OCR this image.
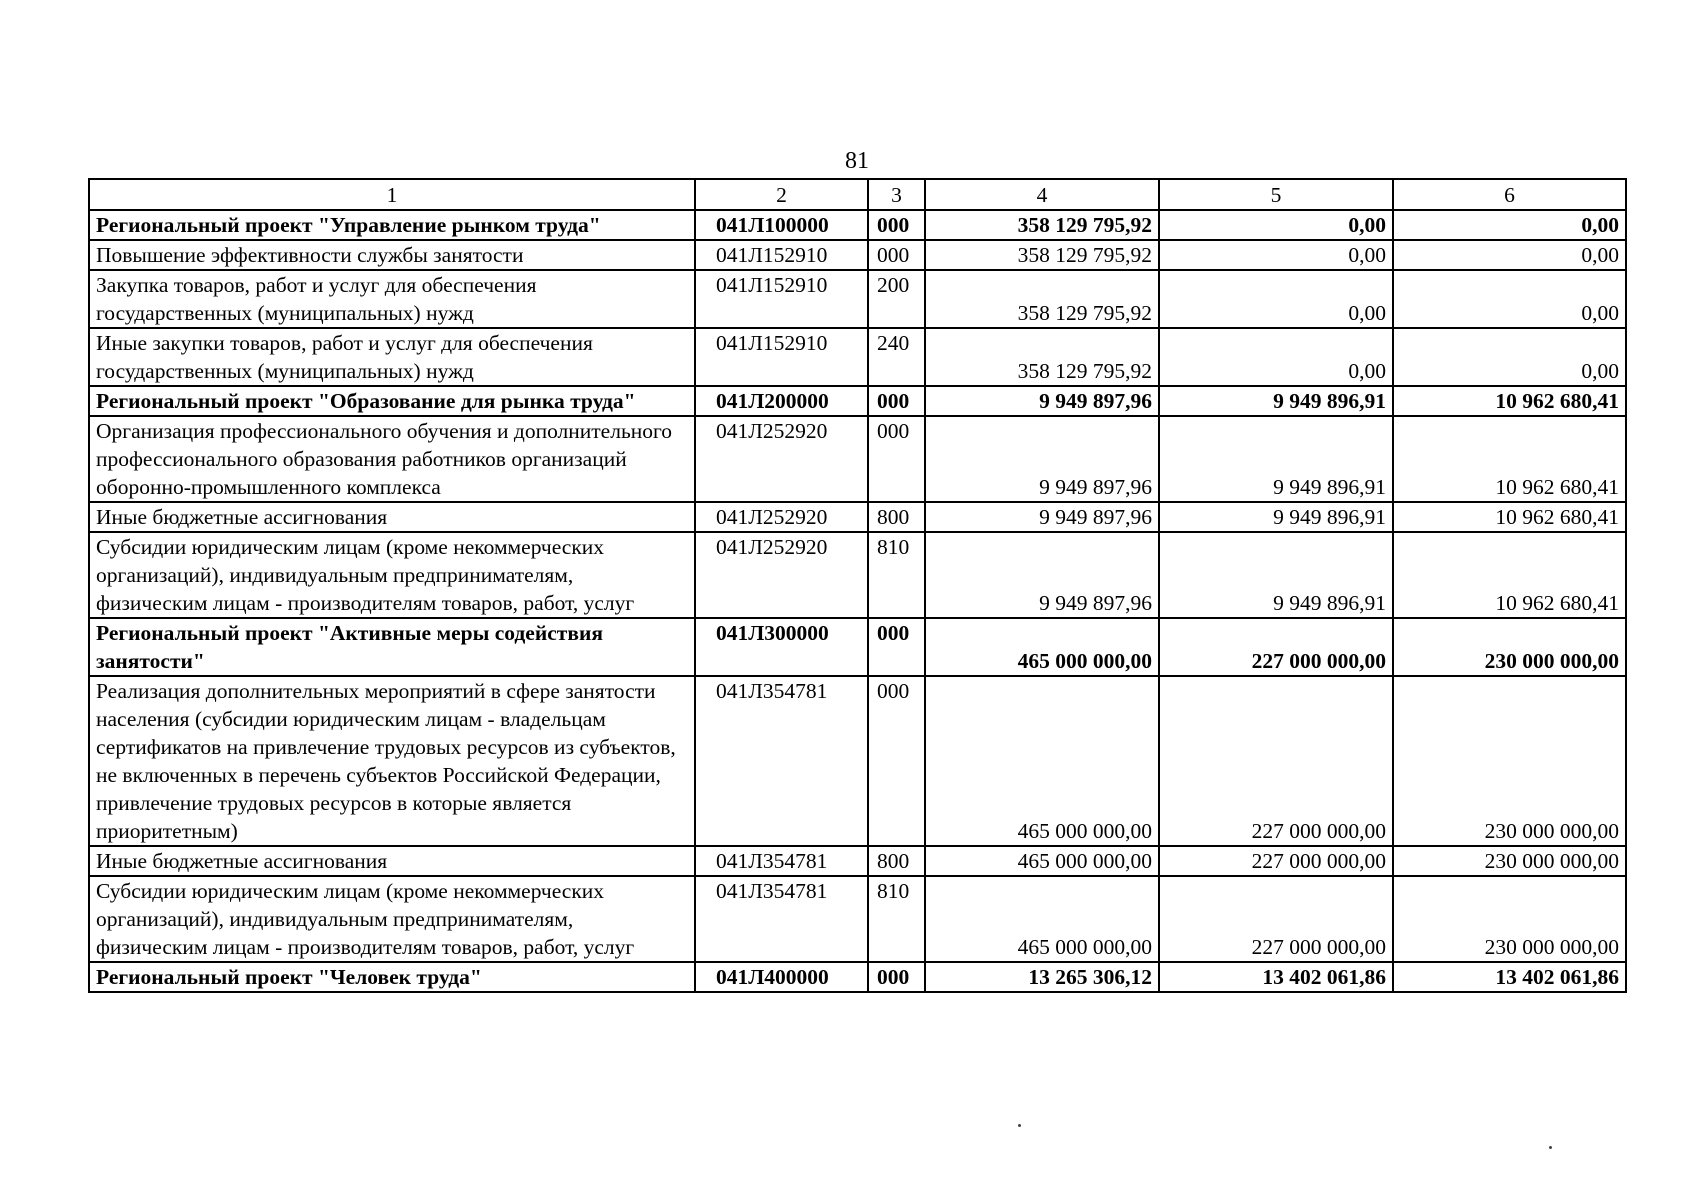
81
1	2	3	4	5	6
Региональный проект "Управление рынком труда"	041Л100000	000	358 129 795,92	0,00	0,00
Повышение эффективности службы занятости	041Л152910	000	358 129 795,92	0,00	0,00
Закупка товаров, работ и услуг для обеспечения государственных (муниципальных) нужд	041Л152910	200	358 129 795,92	0,00	0,00
Иные закупки товаров, работ и услуг для обеспечения государственных (муниципальных) нужд	041Л152910	240	358 129 795,92	0,00	0,00
Региональный проект "Образование для рынка труда"	041Л200000	000	9 949 897,96	9 949 896,91	10 962 680,41
Организация профессионального обучения и дополнительного профессионального образования работников организаций оборонно-промышленного комплекса	041Л252920	000	9 949 897,96	9 949 896,91	10 962 680,41
Иные бюджетные ассигнования	041Л252920	800	9 949 897,96	9 949 896,91	10 962 680,41
Субсидии юридическим лицам (кроме некоммерческих организаций), индивидуальным предпринимателям, физическим лицам - производителям товаров, работ, услуг	041Л252920	810	9 949 897,96	9 949 896,91	10 962 680,41
Региональный проект "Активные меры содействия занятости"	041Л300000	000	465 000 000,00	227 000 000,00	230 000 000,00
Реализация дополнительных мероприятий в сфере занятости населения (субсидии юридическим лицам - владельцам сертификатов на привлечение трудовых ресурсов из субъектов, не включенных в перечень субъектов Российской Федерации, привлечение трудовых ресурсов в которые является приоритетным)	041Л354781	000	465 000 000,00	227 000 000,00	230 000 000,00
Иные бюджетные ассигнования	041Л354781	800	465 000 000,00	227 000 000,00	230 000 000,00
Субсидии юридическим лицам (кроме некоммерческих организаций), индивидуальным предпринимателям, физическим лицам - производителям товаров, работ, услуг	041Л354781	810	465 000 000,00	227 000 000,00	230 000 000,00
Региональный проект "Человек труда"	041Л400000	000	13 265 306,12	13 402 061,86	13 402 061,86
